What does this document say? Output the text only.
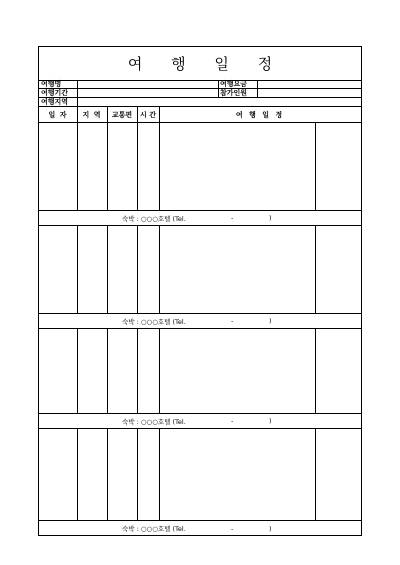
여 행 일 정
여행명	여행요금
여행기간	참가인원
여행지역
일 자	지 역	교통편	시 간	여 행 일 정
숙박 : ○○○호텔 (Tel.	-	)
숙박 : ○○○호텔 (Tel.	-	)
숙박 : ○○○호텔 (Tel.	-	)
숙박 : ○○○호텔 (Tel.	-	)
